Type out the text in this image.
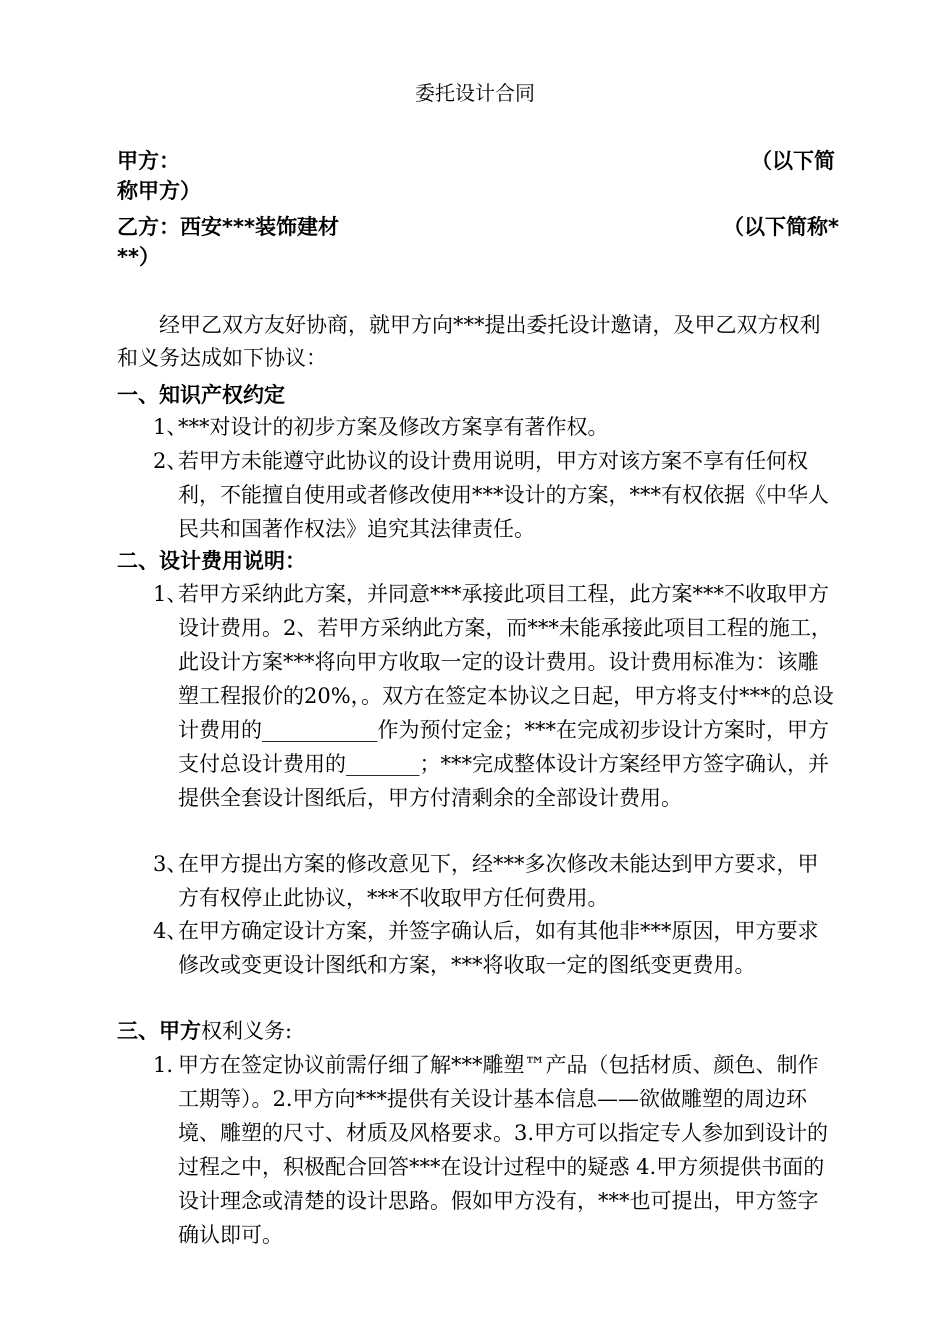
委托设计合同
甲方：	（以下简
称甲方）
乙方：西安***装饰建材	（以下简称*
**）
经甲乙双方友好协商，就甲方向***提出委托设计邀请，及甲乙双方权利和义务达成如下协议：
一、知识产权约定
1、
***对设计的初步方案及修改方案享有著作权。
2、
若甲方未能遵守此协议的设计费用说明，甲方对该方案不享有任何权利，不能擅自使用或者修改使用***设计的方案，***有权依据《中华人民共和国著作权法》追究其法律责任。
二、设计费用说明：
1、
若甲方采纳此方案，并同意***承接此项目工程，此方案***不收取甲方设计费用。2、若甲方采纳此方案，而***未能承接此项目工程的施工，此设计方案***将向甲方收取一定的设计费用。设计费用标准为：该雕塑工程报价的20%，。双方在签定本协议之日起，甲方将支付***的总设计费用的___________作为预付定金；***在完成初步设计方案时，甲方支付总设计费用的_______；***完成整体设计方案经甲方签字确认，并提供全套设计图纸后，甲方付清剩余的全部设计费用。
3、
在甲方提出方案的修改意见下，经***多次修改未能达到甲方要求，甲方有权停止此协议，***不收取甲方任何费用。
4、
在甲方确定设计方案，并签字确认后，如有其他非***原因，甲方要求修改或变更设计图纸和方案，***将收取一定的图纸变更费用。
三、甲方权利义务:
1. 甲方在签定协议前需仔细了解***雕塑™产品（包括材质、颜色、制作工期等）。2.甲方向***提供有关设计基本信息——欲做雕塑的周边环境、雕塑的尺寸、材质及风格要求。3.甲方可以指定专人参加到设计的过程之中，积极配合回答***在设计过程中的疑惑 4.甲方须提供书面的设计理念或清楚的设计思路。假如甲方没有，***也可提出，甲方签字确认即可。
